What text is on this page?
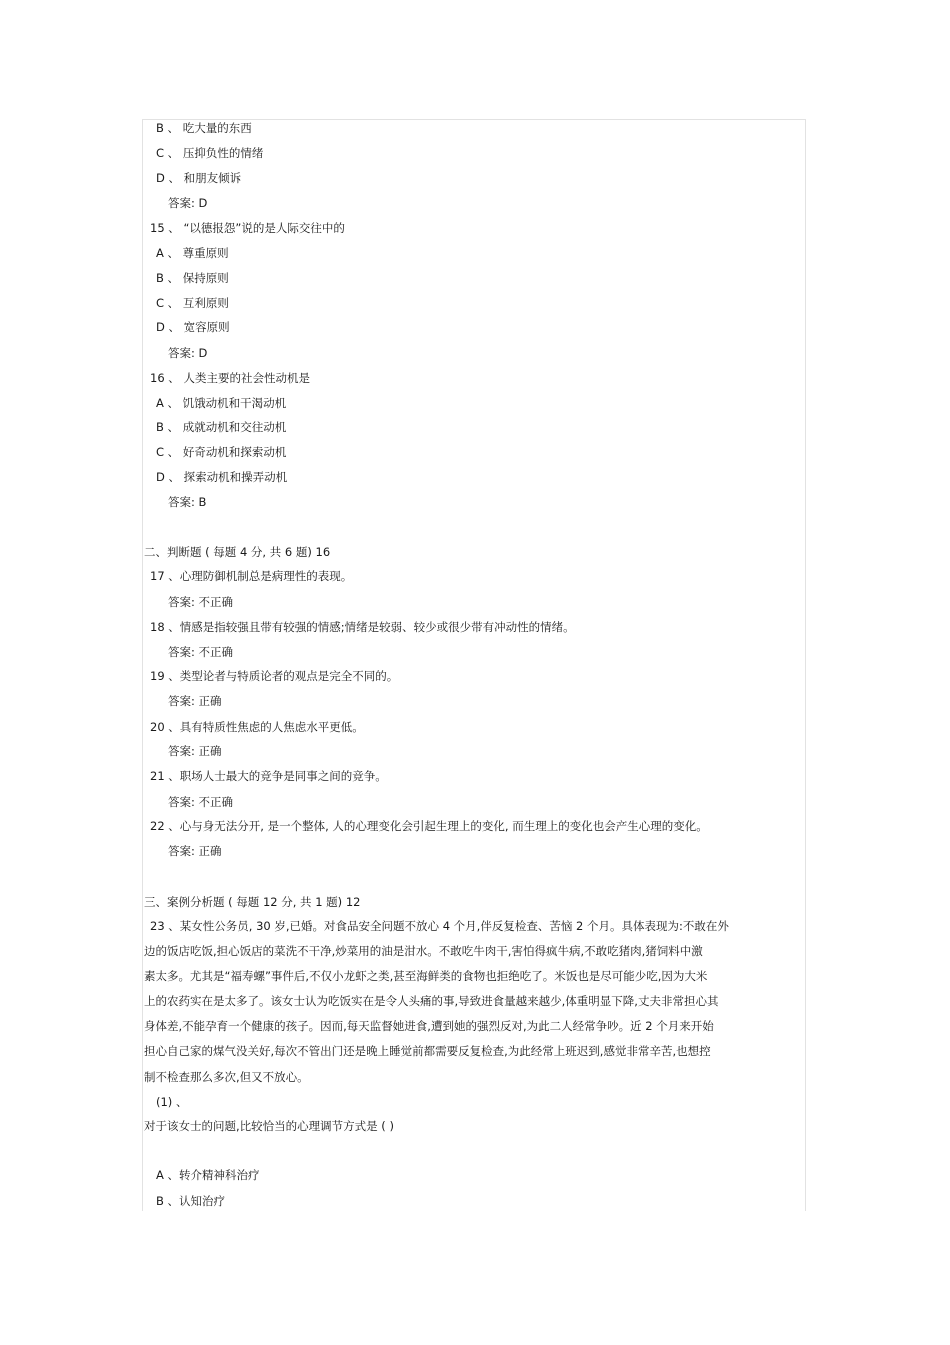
B 、 吃大量的东西
C 、 压抑负性的情绪
D 、 和朋友倾诉
答案: D
15 、 “以德报怨”说的是人际交往中的
A 、 尊重原则
B 、 保持原则
C 、 互利原则
D 、 宽容原则
答案: D
16 、 人类主要的社会性动机是
A 、 饥饿动机和干渴动机
B 、 成就动机和交往动机
C 、 好奇动机和探索动机
D 、 探索动机和操弄动机
答案: B
二、判断题 ( 每题 4 分, 共 6 题) 16
17 、心理防御机制总是病理性的表现。
答案: 不正确
18 、情感是指较强且带有较强的情感;情绪是较弱、较少或很少带有冲动性的情绪。
答案: 不正确
19 、类型论者与特质论者的观点是完全不同的。
答案: 正确
20 、具有特质性焦虑的人焦虑水平更低。
答案: 正确
21 、职场人士最大的竞争是同事之间的竞争。
答案: 不正确
22 、心与身无法分开, 是一个整体, 人的心理变化会引起生理上的变化, 而生理上的变化也会产生心理的变化。
答案: 正确
三、案例分析题 ( 每题 12 分, 共 1 题) 12
23 、某女性公务员, 30 岁,已婚。对食品安全问题不放心 4 个月,伴反复检查、苦恼 2 个月。具体表现为:不敢在外
边的饭店吃饭,担心饭店的菜洗不干净,炒菜用的油是泔水。不敢吃牛肉干,害怕得疯牛病,不敢吃猪肉,猪饲料中激
素太多。尤其是“福寿螺”事件后,不仅小龙虾之类,甚至海鲜类的食物也拒绝吃了。米饭也是尽可能少吃,因为大米
上的农药实在是太多了。该女士认为吃饭实在是令人头痛的事,导致进食量越来越少,体重明显下降,丈夫非常担心其
身体差,不能孕育一个健康的孩子。因而,每天监督她进食,遭到她的强烈反对,为此二人经常争吵。近 2 个月来开始
担心自己家的煤气没关好,每次不管出门还是晚上睡觉前都需要反复检查,为此经常上班迟到,感觉非常辛苦,也想控
制不检查那么多次,但又不放心。
(1) 、
对于该女士的问题,比较恰当的心理调节方式是 ( )
A 、转介精神科治疗
B 、认知治疗
